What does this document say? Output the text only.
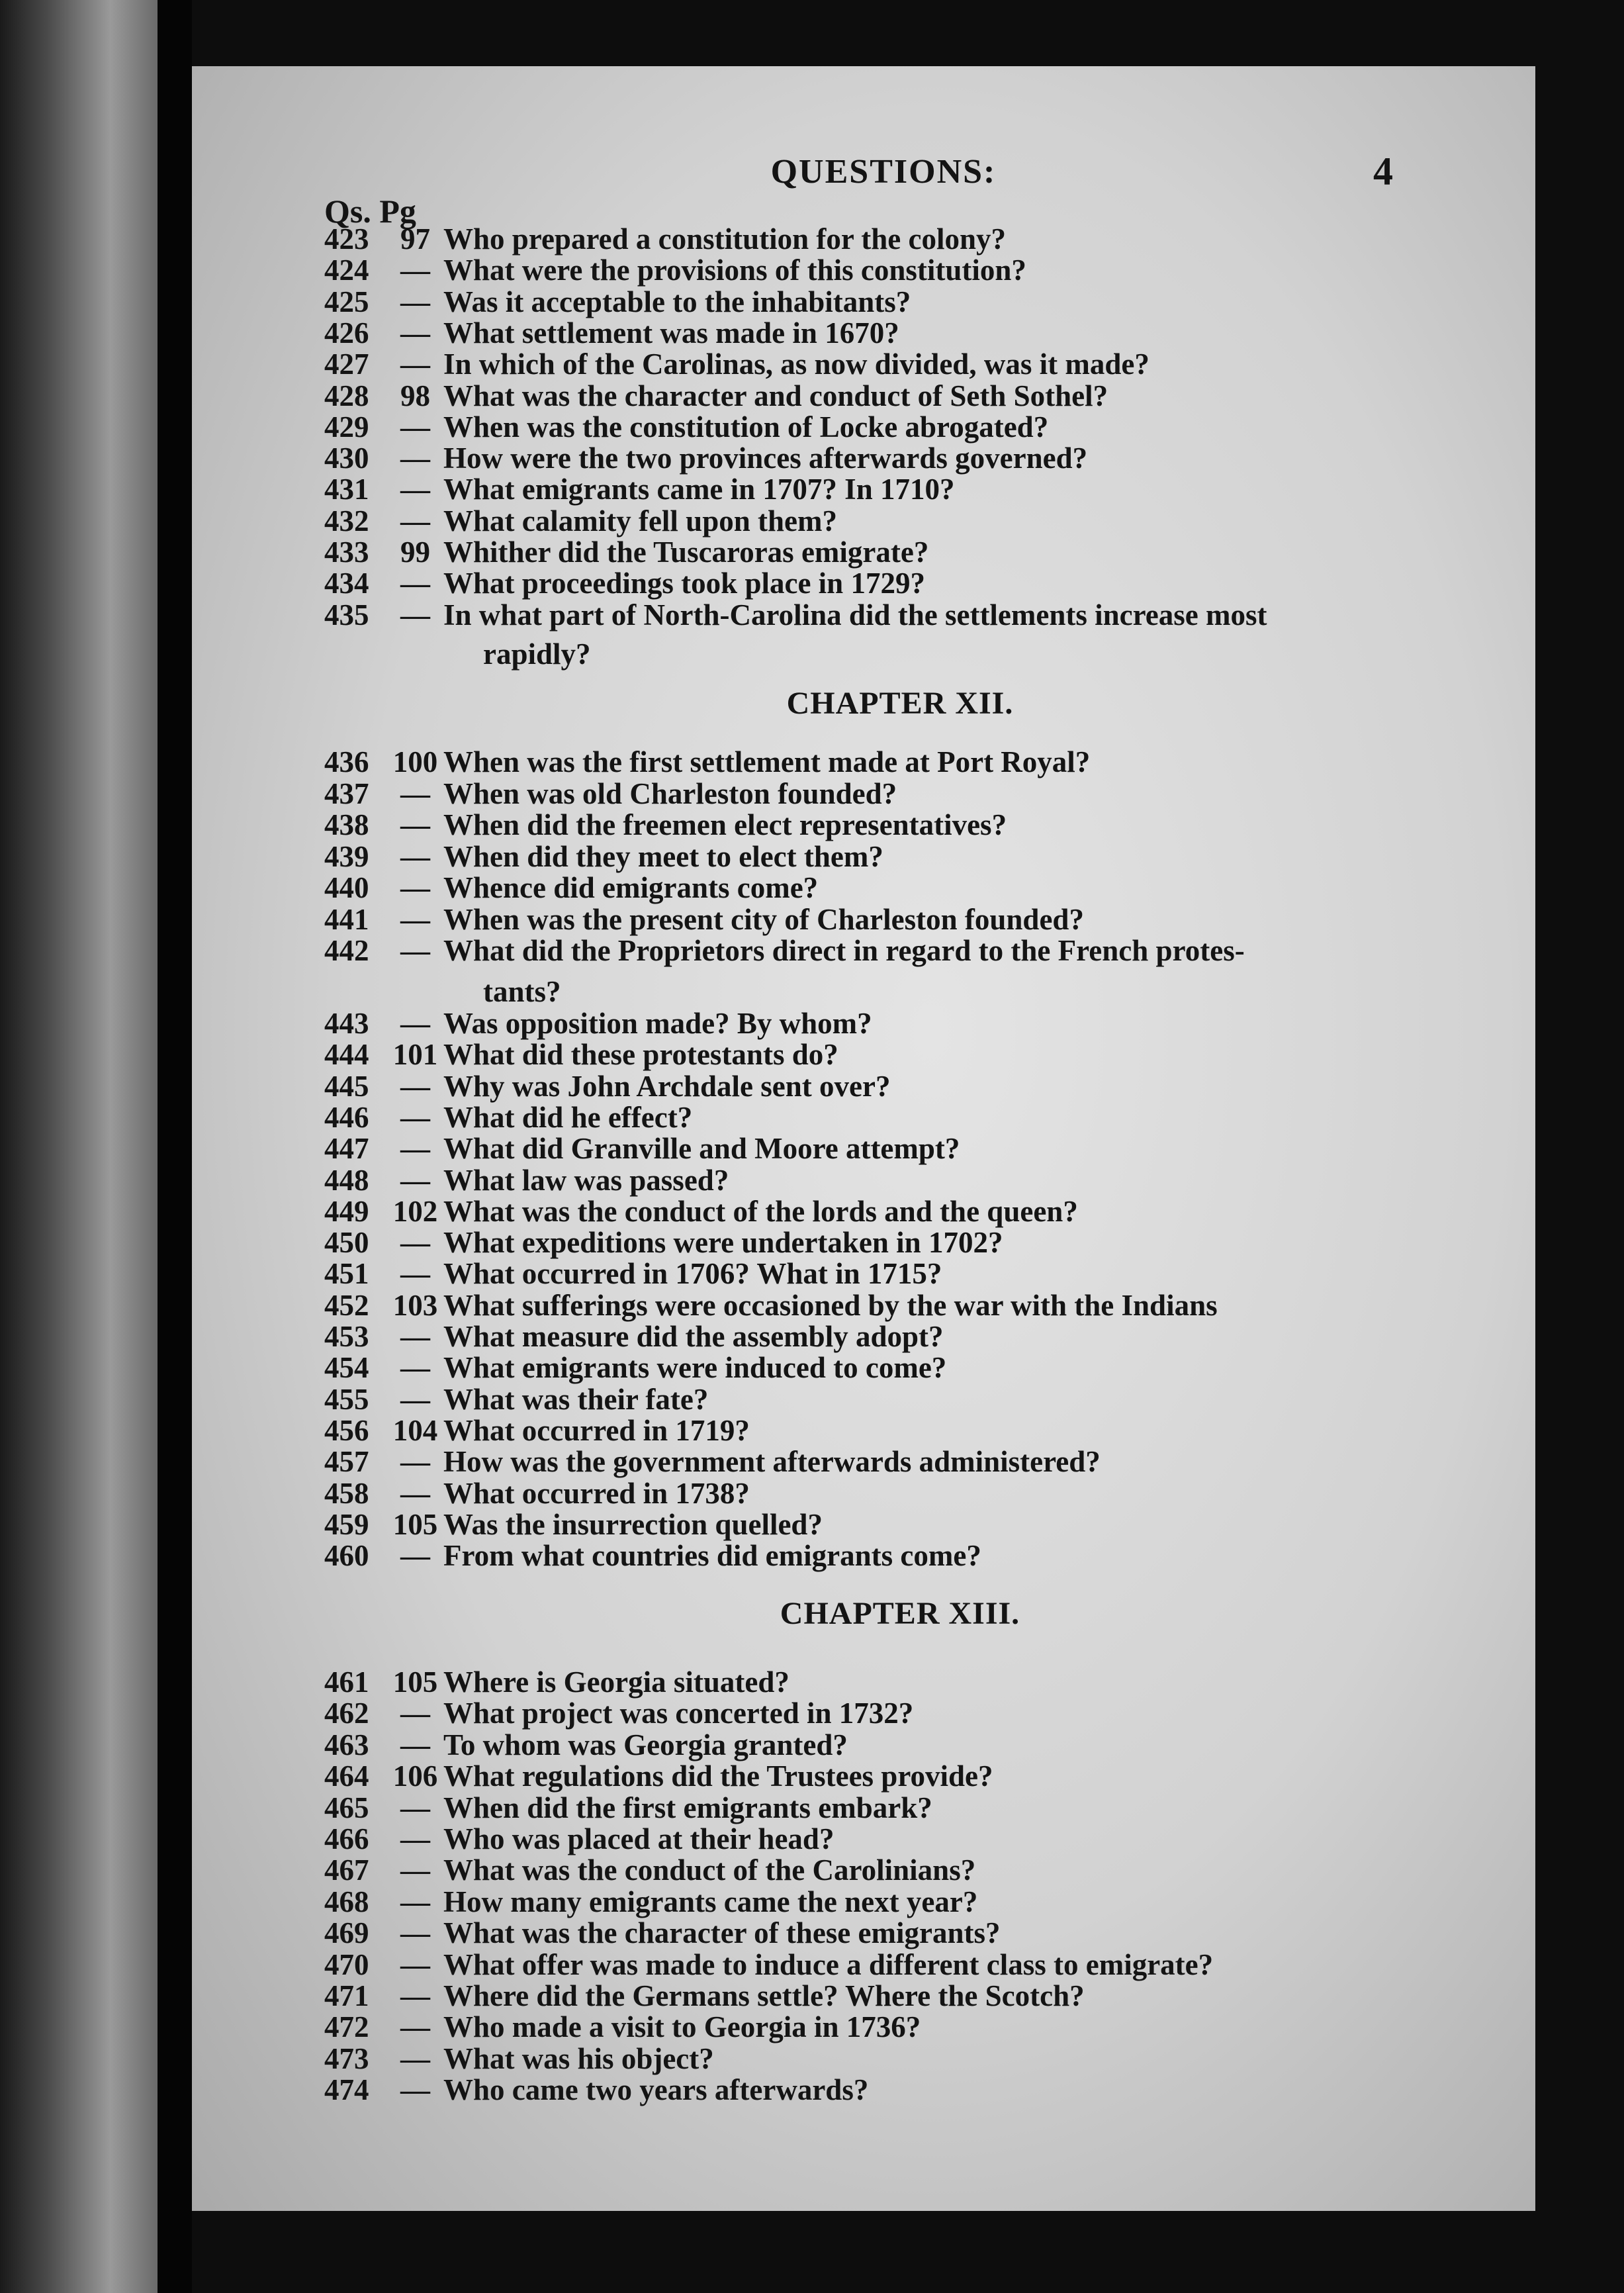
QUESTIONS:	4
Qs. Pg
423 97 Who prepared a constitution for the colony?
424 — What were the provisions of this constitution?
425 — Was it acceptable to the inhabitants?
426 — What settlement was made in 1670?
427 — In which of the Carolinas, as now divided, was it made?
428 98 What was the character and conduct of Seth Sothel?
429 — When was the constitution of Locke abrogated?
430 — How were the two provinces afterwards governed?
431 — What emigrants came in 1707? In 1710?
432 — What calamity fell upon them?
433 99 Whither did the Tuscaroras emigrate?
434 — What proceedings took place in 1729?
435 — In what part of North-Carolina did the settlements increase most
rapidly?
CHAPTER XII.
436 100 When was the first settlement made at Port Royal?
437 — When was old Charleston founded?
438 — When did the freemen elect representatives?
439 — When did they meet to elect them?
440 — Whence did emigrants come?
441 — When was the present city of Charleston founded?
442 — What did the Proprietors direct in regard to the French protes-
tants?
443 — Was opposition made? By whom?
444 101 What did these protestants do?
445 — Why was John Archdale sent over?
446 — What did he effect?
447 — What did Granville and Moore attempt?
448 — What law was passed?
449 102 What was the conduct of the lords and the queen?
450 — What expeditions were undertaken in 1702?
451 — What occurred in 1706? What in 1715?
452 103 What sufferings were occasioned by the war with the Indians
453 — What measure did the assembly adopt?
454 — What emigrants were induced to come?
455 — What was their fate?
456 104 What occurred in 1719?
457 — How was the government afterwards administered?
458 — What occurred in 1738?
459 105 Was the insurrection quelled?
460 — From what countries did emigrants come?
CHAPTER XIII.
461 105 Where is Georgia situated?
462 — What project was concerted in 1732?
463 — To whom was Georgia granted?
464 106 What regulations did the Trustees provide?
465 — When did the first emigrants embark?
466 — Who was placed at their head?
467 — What was the conduct of the Carolinians?
468 — How many emigrants came the next year?
469 — What was the character of these emigrants?
470 — What offer was made to induce a different class to emigrate?
471 — Where did the Germans settle? Where the Scotch?
472 — Who made a visit to Georgia in 1736?
473 — What was his object?
474 — Who came two years afterwards?
